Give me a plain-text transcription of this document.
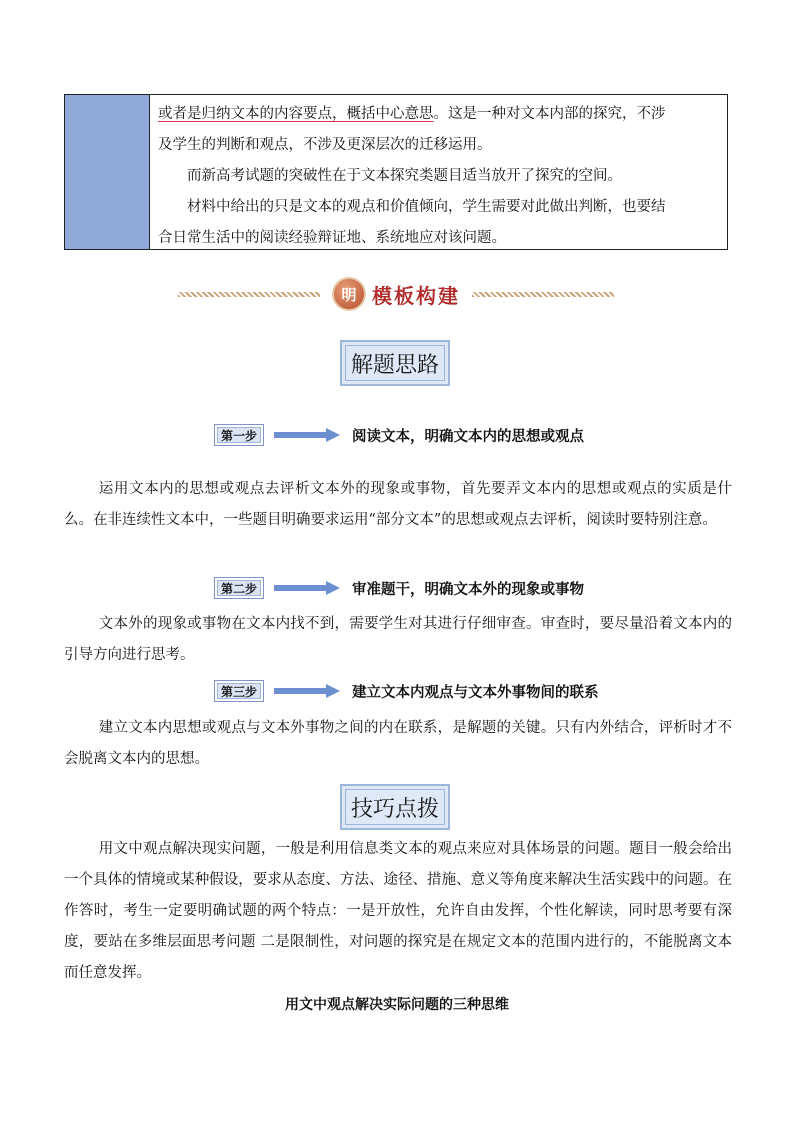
或者是归纳文本的内容要点，概括中心意思。这是一种对文本内部的探究，不涉

及学生的判断和观点，不涉及更深层次的迁移运用。

而新高考试题的突破性在于文本探究类题目适当放开了探究的空间。

材料中给出的只是文本的观点和价值倾向，学生需要对此做出判断，也要结

合日常生活中的阅读经验辩证地、系统地应对该问题。

明 模板构建
解题思路
第一步	阅读文本，明确文本内的思想或观点

运用文本内的思想或观点去评析文本外的现象或事物，首先要弄文本内的思想或观点的实质是什么。在非连续性文本中，一些题目明确要求运用“部分文本”的思想或观点去评析，阅读时要特别注意。

第二步	审准题干，明确文本外的现象或事物

文本外的现象或事物在文本内找不到，需要学生对其进行仔细审查。审查时，要尽量沿着文本内的引导方向进行思考。

第三步	建立文本内观点与文本外事物间的联系

建立文本内思想或观点与文本外事物之间的内在联系，是解题的关键。只有内外结合，评析时才不会脱离文本内的思想。

技巧点拨

用文中观点解决现实问题，一般是利用信息类文本的观点来应对具体场景的问题。题目一般会给出一个具体的情境或某种假设，要求从态度、方法、途径、措施、意义等角度来解决生活实践中的问题。在作答时，考生一定要明确试题的两个特点：一是开放性，允许自由发挥，个性化解读，同时思考要有深度，要站在多维层面思考问题 二是限制性，对问题的探究是在规定文本的范围内进行的，不能脱离文本而任意发挥。

用文中观点解决实际问题的三种思维
